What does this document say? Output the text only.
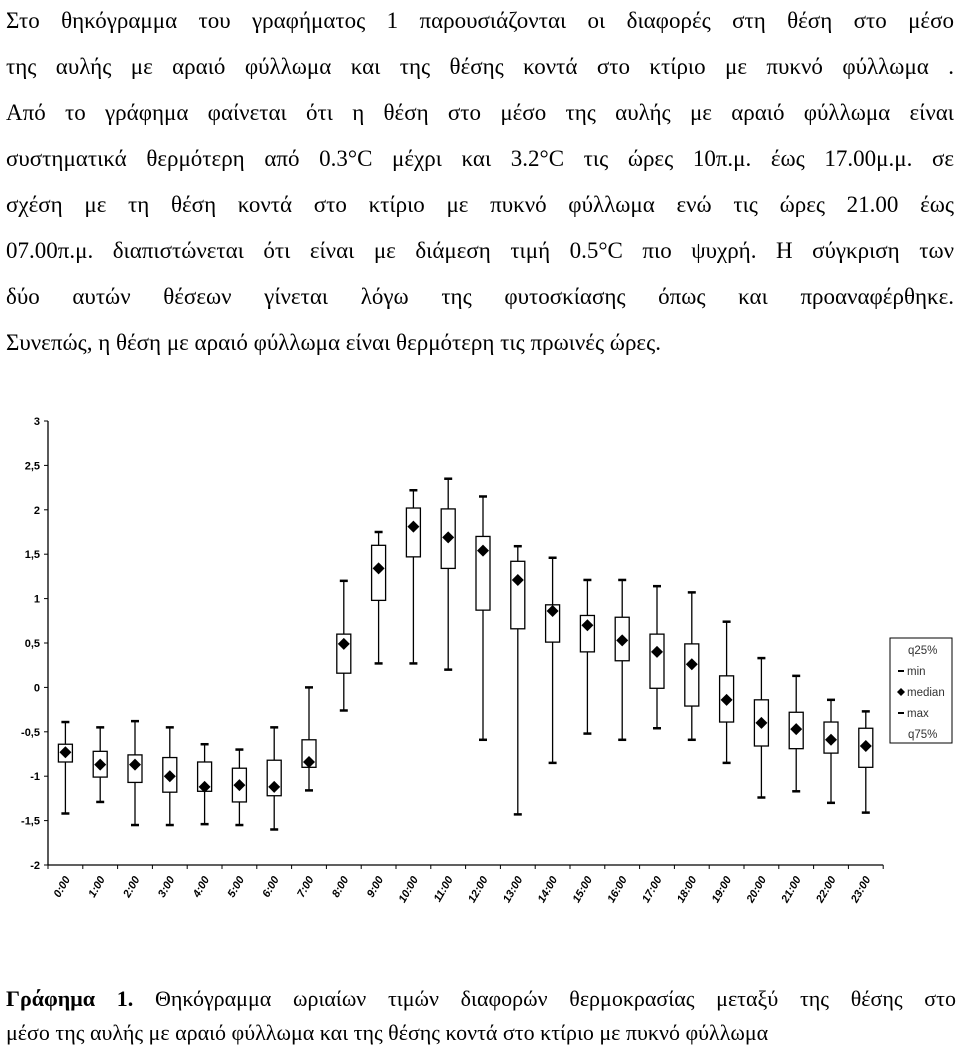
Στο θηκόγραμμα του γραφήματος 1 παρουσιάζονται οι διαφορές στη θέση στο μέσο
της αυλής με αραιό φύλλωμα και της θέσης κοντά στο κτίριο με πυκνό φύλλωμα .
Από το γράφημα φαίνεται ότι η θέση στο μέσο της αυλής με αραιό φύλλωμα είναι
συστηματικά θερμότερη από 0.3°C μέχρι και 3.2°C τις ώρες 10π.μ. έως 17.00μ.μ. σε
σχέση με τη θέση κοντά στο κτίριο με πυκνό φύλλωμα ενώ τις ώρες 21.00 έως
07.00π.μ. διαπιστώνεται ότι είναι με διάμεση τιμή 0.5°C πιο ψυχρή. Η σύγκριση των
δύο αυτών θέσεων γίνεται λόγω της φυτοσκίασης όπως και προαναφέρθηκε.
Συνεπώς, η θέση με αραιό φύλλωμα είναι θερμότερη τις πρωινές ώρες.
3
2,5
2
1,5
1
0,5
0
-0,5
-1
-1,5
-2
0:00 1:00 2:00 3:00 4:00 5:00 6:00 7:00 8:00 9:00 10:00 11:00 12:00 13:00 14:00 15:00 16:00 17:00 18:00 19:00 20:00 21:00 22:00 23:00
q25%
min
median
max
q75%
Γράφημα 1. Θηκόγραμμα ωριαίων τιμών διαφορών θερμοκρασίας μεταξύ της θέσης στο
μέσο της αυλής με αραιό φύλλωμα και της θέσης κοντά στο κτίριο με πυκνό φύλλωμα
